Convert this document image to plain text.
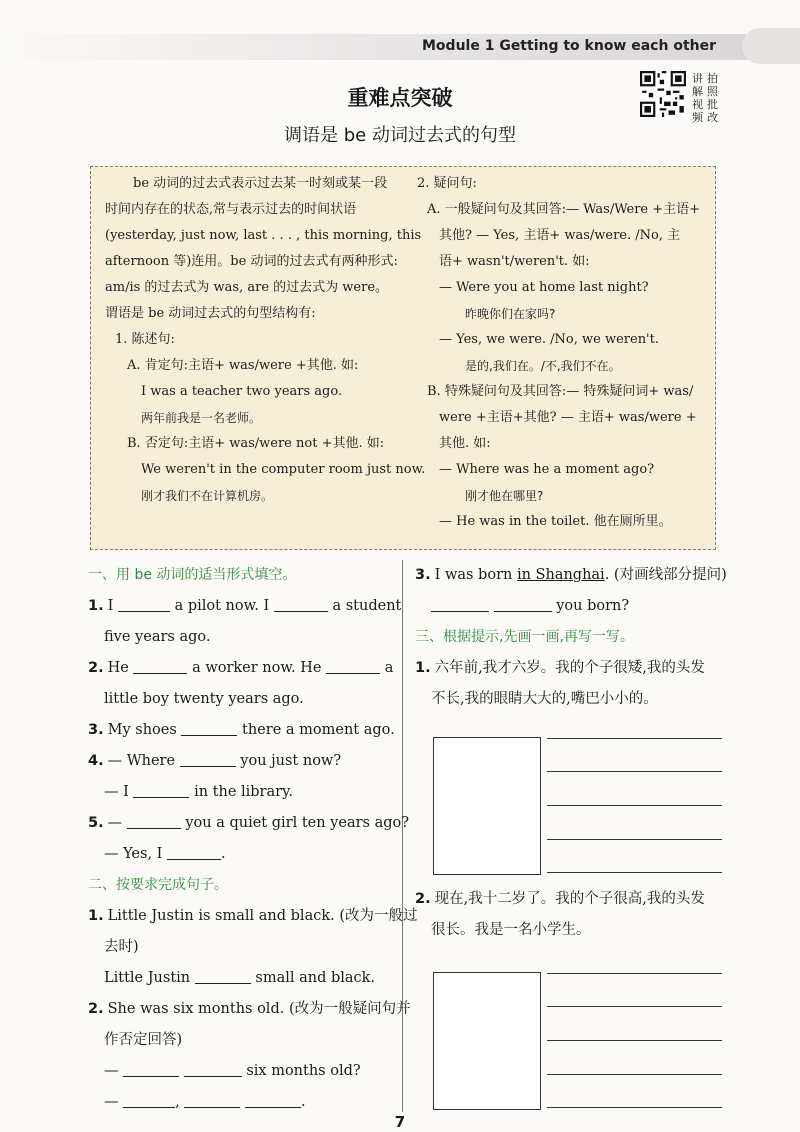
Module 1 Getting to know each other
重难点突破
调语是 be 动词过去式的句型
讲 拍
解 照
视 批
频 改
be 动词的过去式表示过去某一时刻或某一段
时间内存在的状态,常与表示过去的时间状语
(yesterday, just now, last . . . , this morning, this
afternoon 等)连用。be 动词的过去式有两种形式:
am/is 的过去式为 was, are 的过去式为 were。
谓语是 be 动词过去式的句型结构有:
1. 陈述句:
A. 肯定句:主语+ was/were +其他. 如:
I was a teacher two years ago.
两年前我是一名老师。
B. 否定句:主语+ was/were not +其他. 如:
We weren't in the computer room just now.
刚才我们不在计算机房。
2. 疑问句:
A. 一般疑问句及其回答:— Was/Were +主语+
其他? — Yes, 主语+ was/were. /No, 主
语+ wasn't/weren't. 如:
— Were you at home last night?
昨晚你们在家吗?
— Yes, we were. /No, we weren't.
是的,我们在。/不,我们不在。
B. 特殊疑问句及其回答:— 特殊疑问词+ was/
were +主语+其他? — 主语+ was/were +
其他. 如:
— Where was he a moment ago?
刚才他在哪里?
— He was in the toilet. 他在厕所里。
一、用 be 动词的适当形式填空。
1. I	a pilot now. I	a student
five years ago.
2. He	a worker now. He	a
little boy twenty years ago.
3. My shoes	there a moment ago.
4. — Where	you just now?
— I	in the library.
5. —	you a quiet girl ten years ago?
— Yes, I	.
二、按要求完成句子。
1. Little Justin is small and black. (改为一般过
去时)
Little Justin	small and black.
2. She was six months old. (改为一般疑问句并
作否定回答)
—	six months old?
—	,	.
3. I was born in Shanghai. (对画线部分提问)
you born?
三、根据提示,先画一画,再写一写。
1. 六年前,我才六岁。我的个子很矮,我的头发
不长,我的眼睛大大的,嘴巴小小的。
2. 现在,我十二岁了。我的个子很高,我的头发
很长。我是一名小学生。
7
